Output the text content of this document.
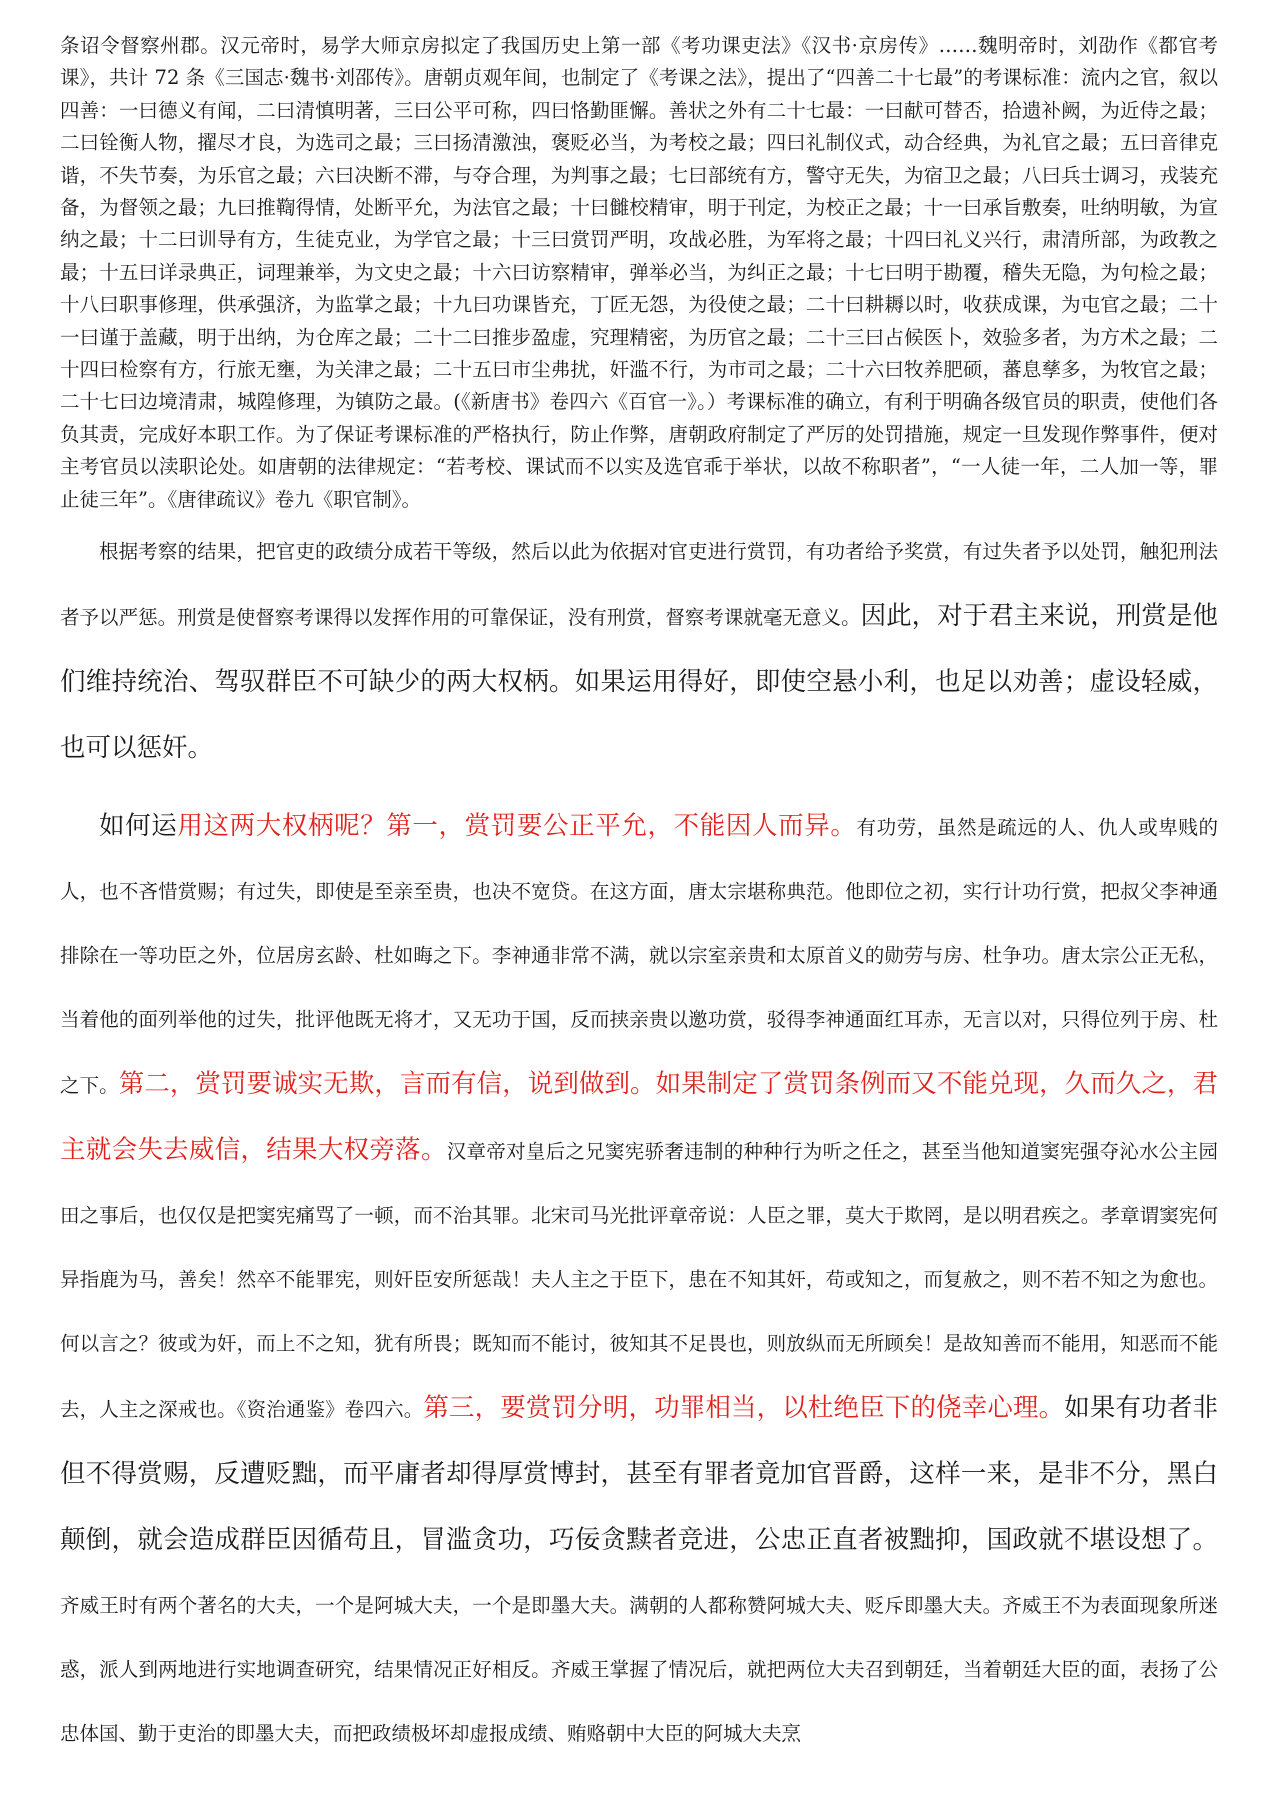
条诏令督察州郡。汉元帝时，易学大师京房拟定了我国历史上第一部《考功课吏法》《汉书·京房传》……魏明帝时，刘劭作《都官考课》，共计 72 条《三国志·魏书·刘邵传》。唐朝贞观年间，也制定了《考课之法》，提出了“四善二十七最”的考课标准：流内之官，叙以四善：一曰德义有闻，二曰清慎明著，三曰公平可称，四曰恪勤匪懈。善状之外有二十七最：一曰献可替否，拾遗补阙，为近侍之最；二曰铨衡人物，擢尽才良，为选司之最；三曰扬清激浊，褒贬必当，为考校之最；四曰礼制仪式，动合经典，为礼官之最；五曰音律克谐，不失节奏，为乐官之最；六曰决断不滞，与夺合理，为判事之最；七曰部统有方，警守无失，为宿卫之最；八曰兵士调习，戎装充备，为督领之最；九曰推鞫得情，处断平允，为法官之最；十曰雠校精审，明于刊定，为校正之最；十一曰承旨敷奏，吐纳明敏，为宣纳之最；十二曰训导有方，生徒克业，为学官之最；十三曰赏罚严明，攻战必胜，为军将之最；十四曰礼义兴行，肃清所部，为政教之最；十五曰详录典正，词理兼举，为文史之最；十六曰访察精审，弹举必当，为纠正之最；十七曰明于勘覆，稽失无隐，为句检之最；十八曰职事修理，供承强济，为监掌之最；十九曰功课皆充，丁匠无怨，为役使之最；二十曰耕耨以时，收获成课，为屯官之最；二十一曰谨于盖藏，明于出纳，为仓库之最；二十二曰推步盈虚，究理精密，为历官之最；二十三曰占候医卜，效验多者，为方术之最；二十四曰检察有方，行旅无壅，为关津之最；二十五曰市尘弗扰，奸滥不行，为市司之最；二十六曰牧养肥硕，蕃息孳多，为牧官之最；二十七曰边境清肃，城隍修理，为镇防之最。(《新唐书》卷四六《百官一》。）考课标准的确立，有利于明确各级官员的职责，使他们各负其责，完成好本职工作。为了保证考课标准的严格执行，防止作弊，唐朝政府制定了严厉的处罚措施，规定一旦发现作弊事件，便对主考官员以渎职论处。如唐朝的法律规定：“若考校、课试而不以实及选官乖于举状，以故不称职者”，“一人徒一年，二人加一等，罪止徒三年”。《唐律疏议》卷九《职官制》。

根据考察的结果，把官吏的政绩分成若干等级，然后以此为依据对官吏进行赏罚，有功者给予奖赏，有过失者予以处罚，触犯刑法者予以严惩。刑赏是使督察考课得以发挥作用的可靠保证，没有刑赏，督察考课就毫无意义。因此，对于君主来说，刑赏是他们维持统治、驾驭群臣不可缺少的两大权柄。如果运用得好，即使空悬小利，也足以劝善；虚设轻威，也可以惩奸。

如何运用这两大权柄呢？第一，赏罚要公正平允，不能因人而异。有功劳，虽然是疏远的人、仇人或卑贱的人，也不吝惜赏赐；有过失，即使是至亲至贵，也决不宽贷。在这方面，唐太宗堪称典范。他即位之初，实行计功行赏，把叔父李神通排除在一等功臣之外，位居房玄龄、杜如晦之下。李神通非常不满，就以宗室亲贵和太原首义的勋劳与房、杜争功。唐太宗公正无私，当着他的面列举他的过失，批评他既无将才，又无功于国，反而挟亲贵以邀功赏，驳得李神通面红耳赤，无言以对，只得位列于房、杜之下。第二，赏罚要诚实无欺，言而有信，说到做到。如果制定了赏罚条例而又不能兑现，久而久之，君主就会失去威信，结果大权旁落。汉章帝对皇后之兄窦宪骄奢违制的种种行为听之任之，甚至当他知道窦宪强夺沁水公主园田之事后，也仅仅是把窦宪痛骂了一顿，而不治其罪。北宋司马光批评章帝说：人臣之罪，莫大于欺罔，是以明君疾之。孝章谓窦宪何异指鹿为马，善矣！然卒不能罪宪，则奸臣安所惩哉！夫人主之于臣下，患在不知其奸，苟或知之，而复赦之，则不若不知之为愈也。何以言之？彼或为奸，而上不之知，犹有所畏；既知而不能讨，彼知其不足畏也，则放纵而无所顾矣！是故知善而不能用，知恶而不能去，人主之深戒也。《资治通鉴》卷四六。第三，要赏罚分明，功罪相当，以杜绝臣下的侥幸心理。如果有功者非但不得赏赐，反遭贬黜，而平庸者却得厚赏博封，甚至有罪者竟加官晋爵，这样一来，是非不分，黑白颠倒，就会造成群臣因循苟且，冒滥贪功，巧佞贪黩者竞进，公忠正直者被黜抑，国政就不堪设想了。齐威王时有两个著名的大夫，一个是阿城大夫，一个是即墨大夫。满朝的人都称赞阿城大夫、贬斥即墨大夫。齐威王不为表面现象所迷惑，派人到两地进行实地调查研究，结果情况正好相反。齐威王掌握了情况后，就把两位大夫召到朝廷，当着朝廷大臣的面，表扬了公忠体国、勤于吏治的即墨大夫，而把政绩极坏却虚报成绩、贿赂朝中大臣的阿城大夫烹
